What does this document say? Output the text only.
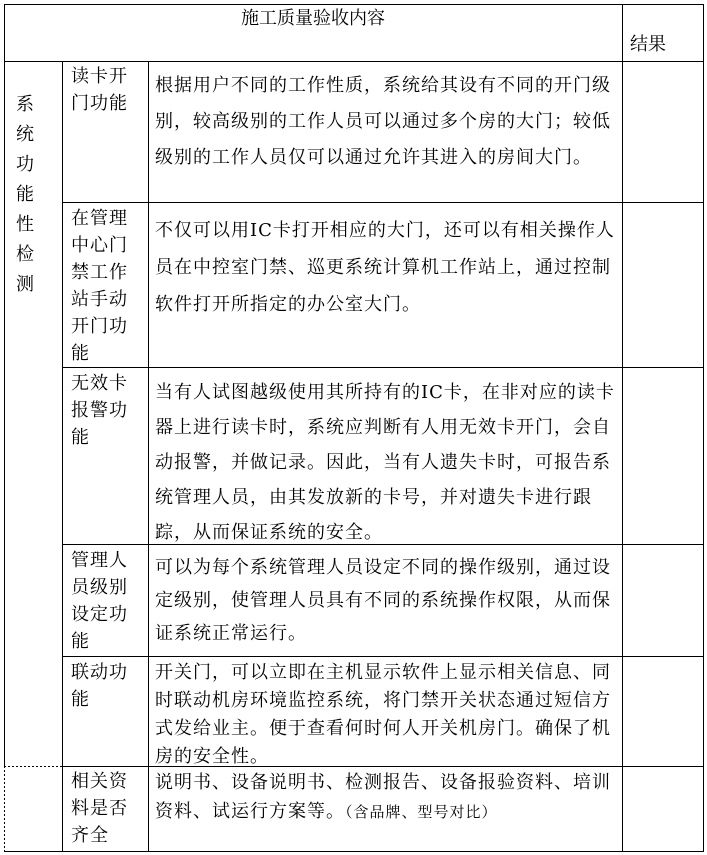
施工质量验收内容
结果
系
统
功
能
性
检
测
读卡开门功能
根据用户不同的工作性质，系统给其设有不同的开门级别，较高级别的工作人员可以通过多个房的大门；较低级别的工作人员仅可以通过允许其进入的房间大门。
在管理中心门禁工作站手动开门功能
不仅可以用IC卡打开相应的大门，还可以有相关操作人员在中控室门禁、巡更系统计算机工作站上，通过控制软件打开所指定的办公室大门。
无效卡报警功能
当有人试图越级使用其所持有的IC卡，在非对应的读卡器上进行读卡时，系统应判断有人用无效卡开门，会自动报警，并做记录。因此，当有人遗失卡时，可报告系统管理人员，由其发放新的卡号，并对遗失卡进行跟踪，从而保证系统的安全。
管理人员级别设定功能
可以为每个系统管理人员设定不同的操作级别，通过设定级别，使管理人员具有不同的系统操作权限，从而保证系统正常运行。
联动功能
开关门，可以立即在主机显示软件上显示相关信息、同时联动机房环境监控系统，将门禁开关状态通过短信方式发给业主。便于查看何时何人开关机房门。确保了机房的安全性。
相关资料是否齐全
说明书、设备说明书、检测报告、设备报验资料、培训资料、试运行方案等。（含品牌、型号对比）
